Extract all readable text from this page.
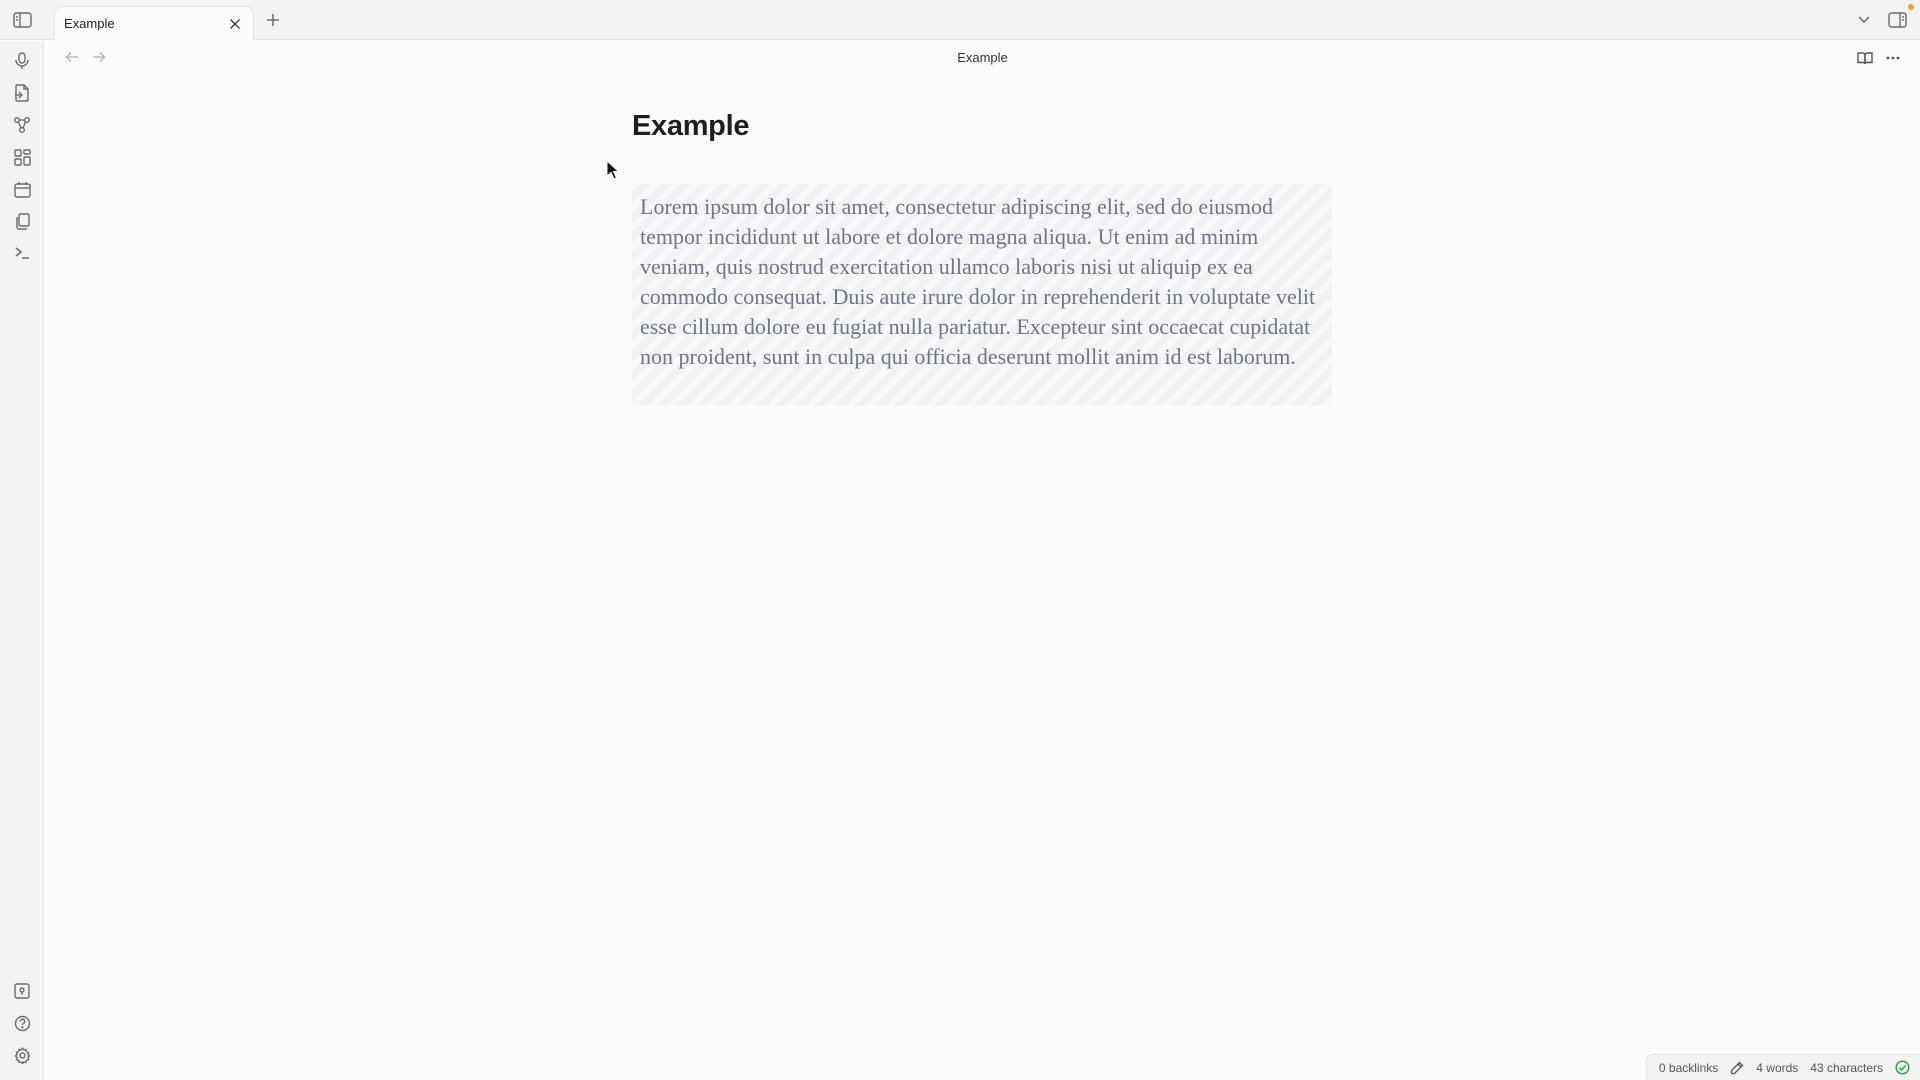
Example
Example
Example
Lorem ipsum dolor sit amet, consectetur adipiscing elit, sed do eiusmod tempor incididunt ut labore et dolore magna aliqua. Ut enim ad minim veniam, quis nostrud exercitation ullamco laboris nisi ut aliquip ex ea commodo consequat. Duis aute irure dolor in reprehenderit in voluptate velit esse cillum dolore eu fugiat nulla pariatur. Excepteur sint occaecat cupidatat non proident, sunt in culpa qui officia deserunt mollit anim id est laborum.
0 backlinks	4 words 43 characters
